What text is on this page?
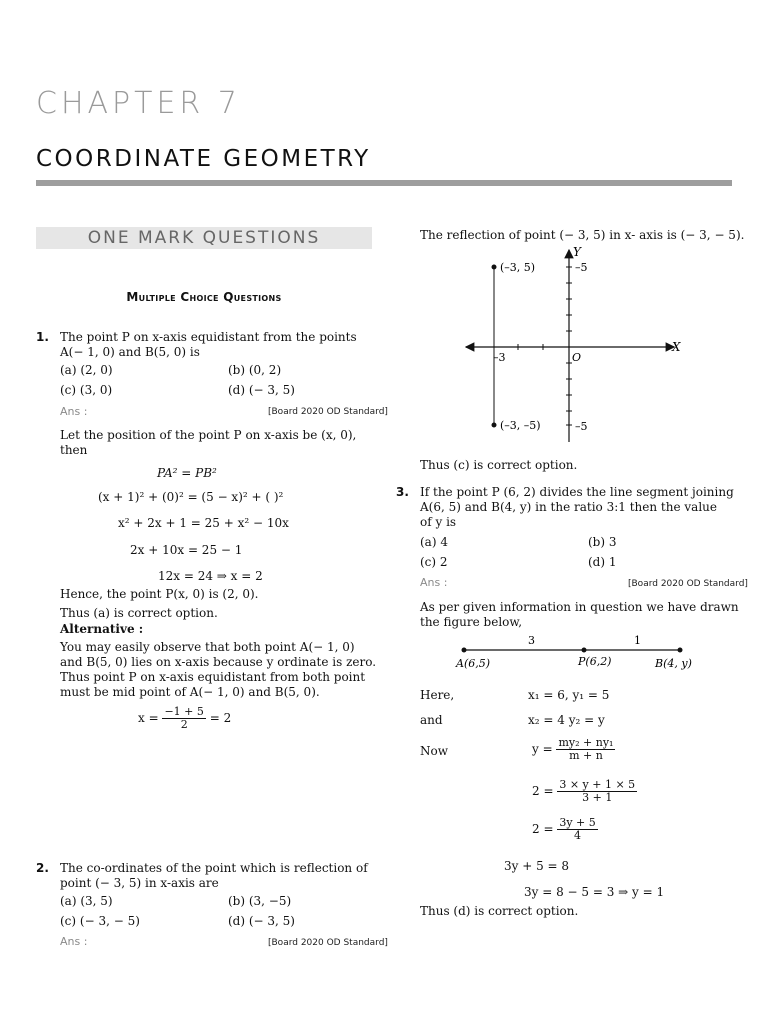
CHAPTER 7
COORDINATE GEOMETRY
ONE MARK QUESTIONS
Multiple Choice Questions
1. The point P on x-axis equidistant from the points
A(− 1, 0) and B(5, 0) is
(a) (2, 0)	(b) (0, 2)
(c) (3, 0)	(d) (− 3, 5)
Ans :	[Board 2020 OD Standard]
Let the position of the point P on x-axis be (x, 0),
then
PA² = PB²
(x + 1)² + (0)² = (5 − x)² + ( )²
x² + 2x + 1 = 25 + x² − 10x
2x + 10x = 25 − 1
12x = 24 ⇒ x = 2
Hence, the point P(x, 0) is (2, 0).
Thus (a) is correct option.
Alternative :
You may easily observe that both point A(− 1, 0)
and B(5, 0) lies on x-axis because y ordinate is zero.
Thus point P on x-axis equidistant from both point
must be mid point of A(− 1, 0) and B(5, 0).
$x = \frac{-1 + 5}{2} = 2$
2. The co-ordinates of the point which is reflection of
point (− 3, 5) in x-axis are
(a) (3, 5)	(b) (3, −5)
(c) (− 3, − 5)	(d) (− 3, 5)
Ans :	[Board 2020 OD Standard]
The reflection of point (− 3, 5) in x- axis is (− 3, − 5).
(–3, 5)
(–3, –5)
–5
–5
–3	O
Y
X
Thus (c) is correct option.
3. If the point P (6, 2) divides the line segment joining
A(6, 5) and B(4, y) in the ratio 3:1 then the value
of y is
(a) 4	(b) 3
(c) 2	(d) 1
Ans :	[Board 2020 OD Standard]
As per given information in question we have drawn
the figure below,
3	1
A(6,5)	P(6,2)	B(4, y)
Here,	x₁ = 6, y₁ = 5
and	x₂ = 4 y₂ = y
Now	$y = \frac{\text{my₂ + ny₁}}{m + n}$
$2 = \frac{3 \times y + 1 \times 5}{3 + 1}$
$2 = \frac{3y + 5}{4}$
3y + 5 = 8
3y = 8 − 5 = 3 ⇒ y = 1
Thus (d) is correct option.
